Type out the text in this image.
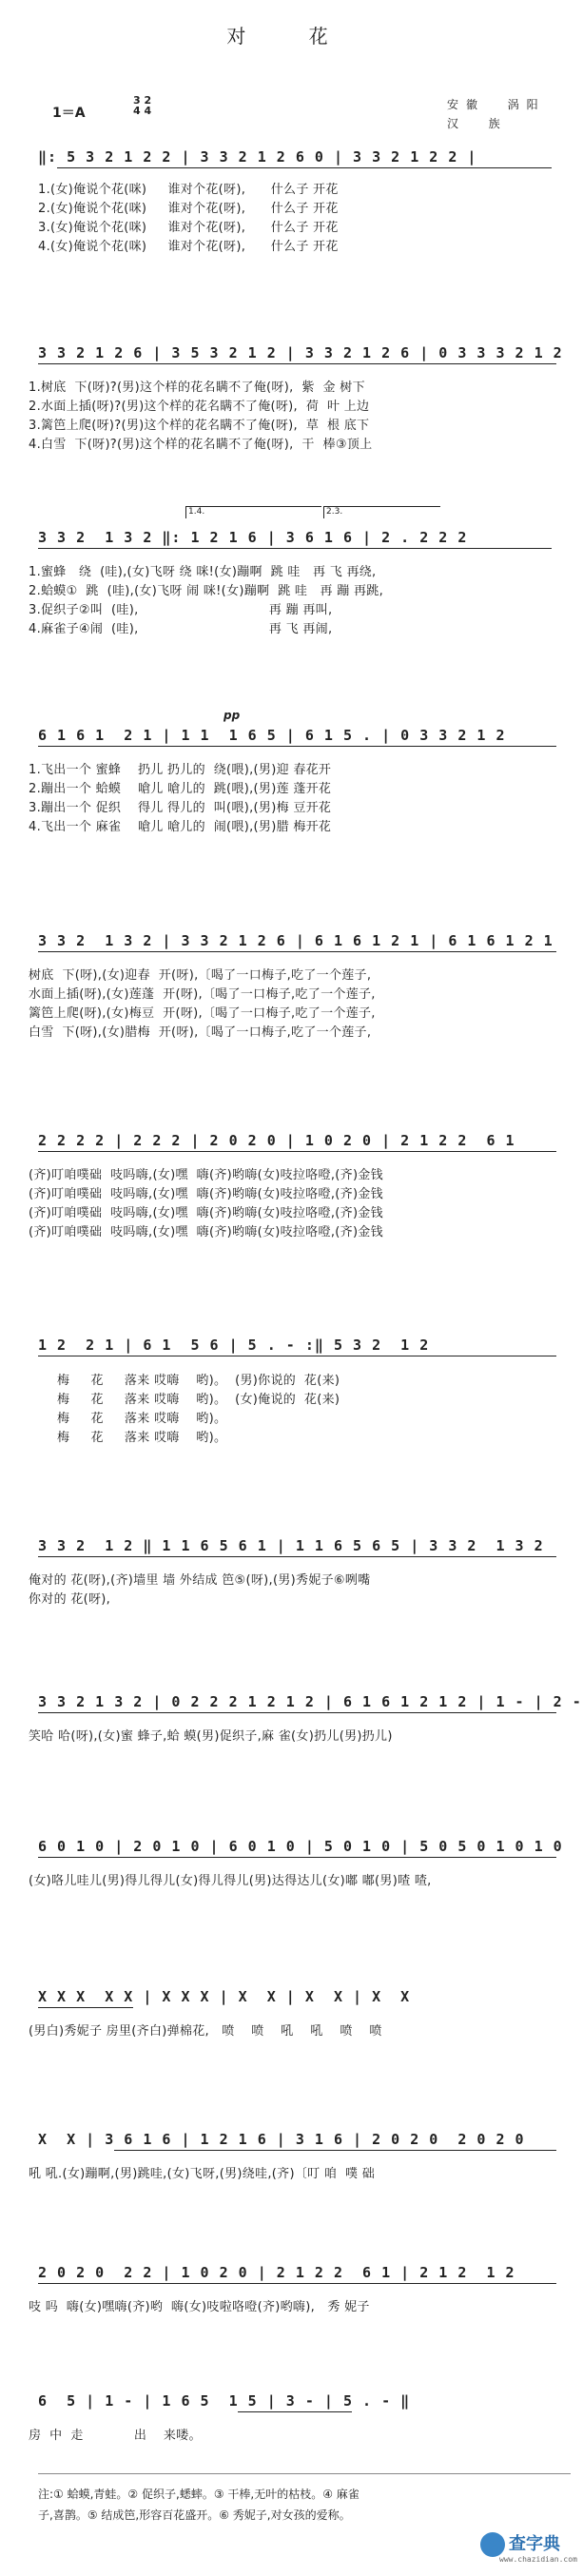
对 花
1＝A
3 2
4 4	安徽  涡阳
汉  族
‖: 5 3 2 1 2 2 | 3 3 2 1 2 6 0 | 3 3 2 1 2 2 |
1.(女)俺说个花(咪)     谁对个花(呀),      什么子 开花
2.(女)俺说个花(咪)     谁对个花(呀),      什么子 开花
3.(女)俺说个花(咪)     谁对个花(呀),      什么子 开花
4.(女)俺说个花(咪)     谁对个花(呀),      什么子 开花
3 3 2 1 2 6 | 3 5 3 2 1 2 | 3 3 2 1 2 6 | 0 3 3 3 2 1 2
1.树底  下(呀)?(男)这个样的花名瞒不了俺(呀),  紫  金 树下
2.水面上插(呀)?(男)这个样的花名瞒不了俺(呀),  荷  叶 上边
3.篱笆上爬(呀)?(男)这个样的花名瞒不了俺(呀),  草  根 底下
4.白雪  下(呀)?(男)这个样的花名瞒不了俺(呀),  干  棒③顶上
1.4.	2.3.
3 3 2  1 3 2 ‖: 1 2 1 6 | 3 6 1 6 | 2 . 2 2 2
1.蜜蜂   绕  (哇),(女)飞呀 绕 咪!(女)蹦啊  跳 哇   再 飞 再绕,
2.蛤蟆①  跳  (哇),(女)飞呀 闹 咪!(女)蹦啊  跳 哇   再 蹦 再跳,
3.促织子②叫  (哇),                               再 蹦 再叫,
4.麻雀子④闹  (哇),                               再 飞 再闹,
pp
6 1 6 1  2 1 | 1 1  1 6 5 | 6 1 5 . | 0 3 3 2 1 2
1.飞出一个 蜜蜂    扔儿 扔儿的  绕(喂),(男)迎 春花开
2.蹦出一个 蛤蟆    嗆儿 嗆儿的  跳(喂),(男)莲 蓬开花
3.蹦出一个 促织    得儿 得儿的  叫(喂),(男)梅 豆开花
4.飞出一个 麻雀    嗆儿 嗆儿的  闹(喂),(男)腊 梅开花
3 3 2  1 3 2 | 3 3 2 1 2 6 | 6 1 6 1 2 1 | 6 1 6 1 2 1
树底  下(呀),(女)迎春  开(呀),〔喝了一口梅子,吃了一个莲子,
水面上插(呀),(女)莲蓬  开(呀),〔喝了一口梅子,吃了一个莲子,
篱笆上爬(呀),(女)梅豆  开(呀),〔喝了一口梅子,吃了一个莲子,
白雪  下(呀),(女)腊梅  开(呀),〔喝了一口梅子,吃了一个莲子,
2 2 2 2 | 2 2 2 | 2 0 2 0 | 1 0 2 0 | 2 1 2 2  6 1
(齐)叮咱噗础  吱吗嗨,(女)嘿  嗨(齐)哟嗨(女)吱拉咯噔,(齐)金钱
(齐)叮咱噗础  吱吗嗨,(女)嘿  嗨(齐)哟嗨(女)吱拉咯噔,(齐)金钱
(齐)叮咱噗础  吱吗嗨,(女)嘿  嗨(齐)哟嗨(女)吱拉咯噔,(齐)金钱
(齐)叮咱噗础  吱吗嗨,(女)嘿  嗨(齐)哟嗨(女)吱拉咯噔,(齐)金钱
1 2  2 1 | 6 1  5 6 | 5 . - :‖ 5 3 2  1 2
梅     花     落来 哎嗨    哟)。  (男)你说的  花(来)
梅     花     落来 哎嗨    哟)。  (女)俺说的  花(来)
梅     花     落来 哎嗨    哟)。
梅     花     落来 哎嗨    哟)。
3 3 2  1 2 ‖ 1 1 6 5 6 1 | 1 1 6 5 6 5 | 3 3 2  1 3 2
俺对的 花(呀),(齐)墙里 墙 外结成 笆⑤(呀),(男)秀妮子⑥咧嘴
你对的 花(呀),
3 3 2 1 3 2 | 0 2 2 2 1 2 1 2 | 6 1 6 1 2 1 2 | 1 - | 2 -
笑哈 哈(呀),(女)蜜 蜂子,蛤 蟆(男)促织子,麻 雀(女)扔儿(男)扔儿)
6 0 1 0 | 2 0 1 0 | 6 0 1 0 | 5 0 1 0 | 5 0 5 0 1 0 1 0
(女)咯儿哇儿(男)得儿得儿(女)得儿得儿(男)达得达儿(女)嘟 嘟(男)喳 喳,
X X X  X X | X X X | X  X | X  X | X  X
(男白)秀妮子 房里(齐白)弹棉花,   喷    喷    吼    吼    喷    喷
X  X | 3 6 1 6 | 1 2 1 6 | 3 1 6 | 2 0 2 0  2 0 2 0
吼 吼.(女)蹦啊,(男)跳哇,(女)飞呀,(男)绕哇,(齐)〔叮 咱  噗 础
2 0 2 0  2 2 | 1 0 2 0 | 2 1 2 2  6 1 | 2 1 2  1 2
吱 吗  嗨(女)嘿嗨(齐)哟  嗨(女)吱啦咯噔(齐)哟嗨),   秀 妮子
6  5 | 1 - | 1 6 5  1 5 | 3 - | 5 . - ‖
房  中  走            出    来喽。
注:① 蛤蟆,青蛙。② 促织子,蟋蟀。③ 干棒,无叶的枯枝。④ 麻雀
子,喜鹊。⑤ 结成笆,形容百花盛开。⑥ 秀妮子,对女孩的爱称。
查字典
www.chazidian.com
